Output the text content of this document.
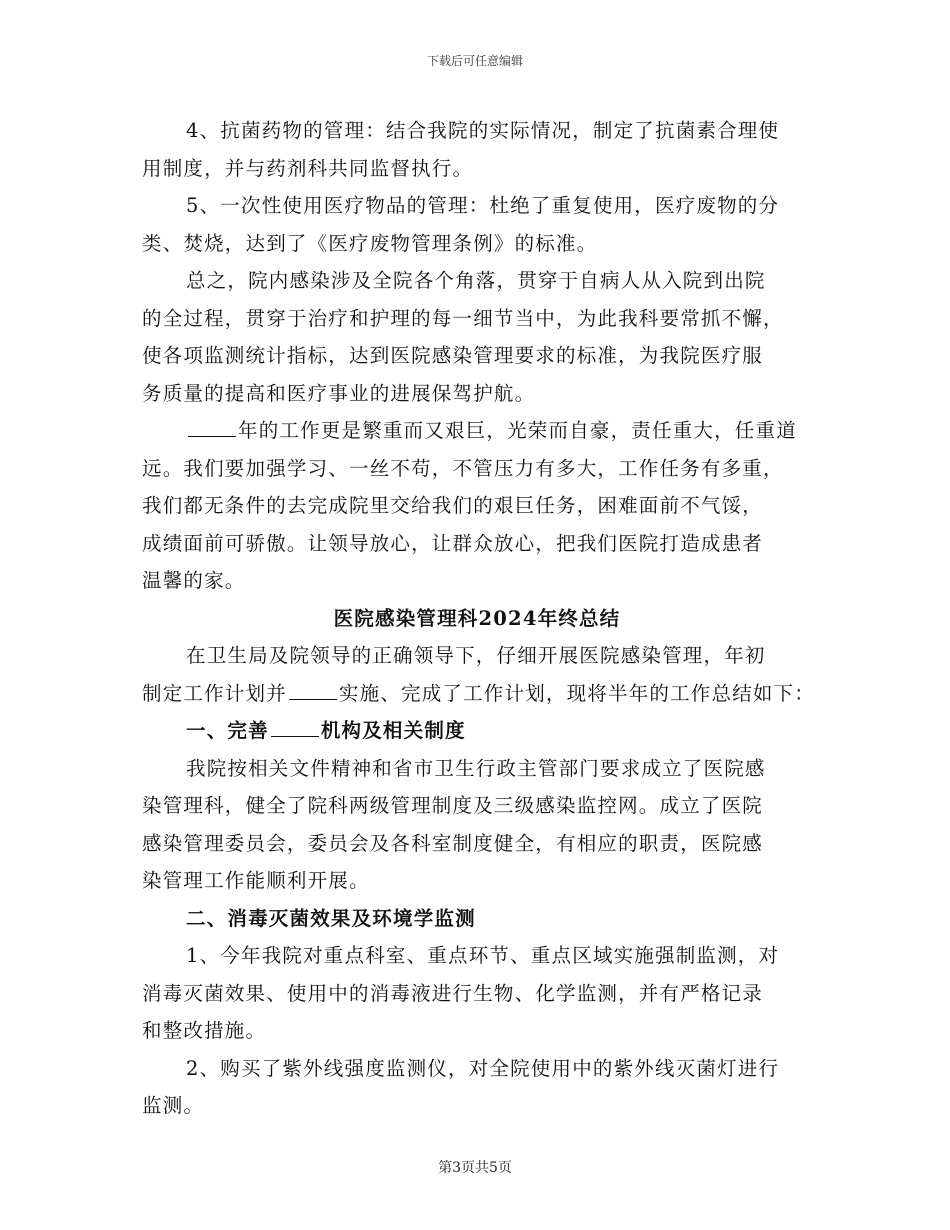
下载后可任意编辑
4、抗菌药物的管理：结合我院的实际情况，制定了抗菌素合理使
用制度，并与药剂科共同监督执行。
5、一次性使用医疗物品的管理：杜绝了重复使用，医疗废物的分
类、焚烧，达到了《医疗废物管理条例》的标准。
总之，院内感染涉及全院各个角落，贯穿于自病人从入院到出院
的全过程，贯穿于治疗和护理的每一细节当中，为此我科要常抓不懈，
使各项监测统计指标，达到医院感染管理要求的标准，为我院医疗服
务质量的提高和医疗事业的进展保驾护航。
年的工作更是繁重而又艰巨，光荣而自豪，责任重大，任重道
远。我们要加强学习、一丝不苟，不管压力有多大，工作任务有多重，
我们都无条件的去完成院里交给我们的艰巨任务，困难面前不气馁，
成绩面前可骄傲。让领导放心，让群众放心，把我们医院打造成患者
温馨的家。
医院感染管理科2024年终总结
在卫生局及院领导的正确领导下，仔细开展医院感染管理，年初
制定工作计划并	实施、完成了工作计划，现将半年的工作总结如下：
一、完善	机构及相关制度
我院按相关文件精神和省市卫生行政主管部门要求成立了医院感
染管理科，健全了院科两级管理制度及三级感染监控网。成立了医院
感染管理委员会，委员会及各科室制度健全，有相应的职责，医院感
染管理工作能顺利开展。
二、消毒灭菌效果及环境学监测
1、今年我院对重点科室、重点环节、重点区域实施强制监测，对
消毒灭菌效果、使用中的消毒液进行生物、化学监测，并有严格记录
和整改措施。
2、购买了紫外线强度监测仪，对全院使用中的紫外线灭菌灯进行
监测。
第3页共5页
